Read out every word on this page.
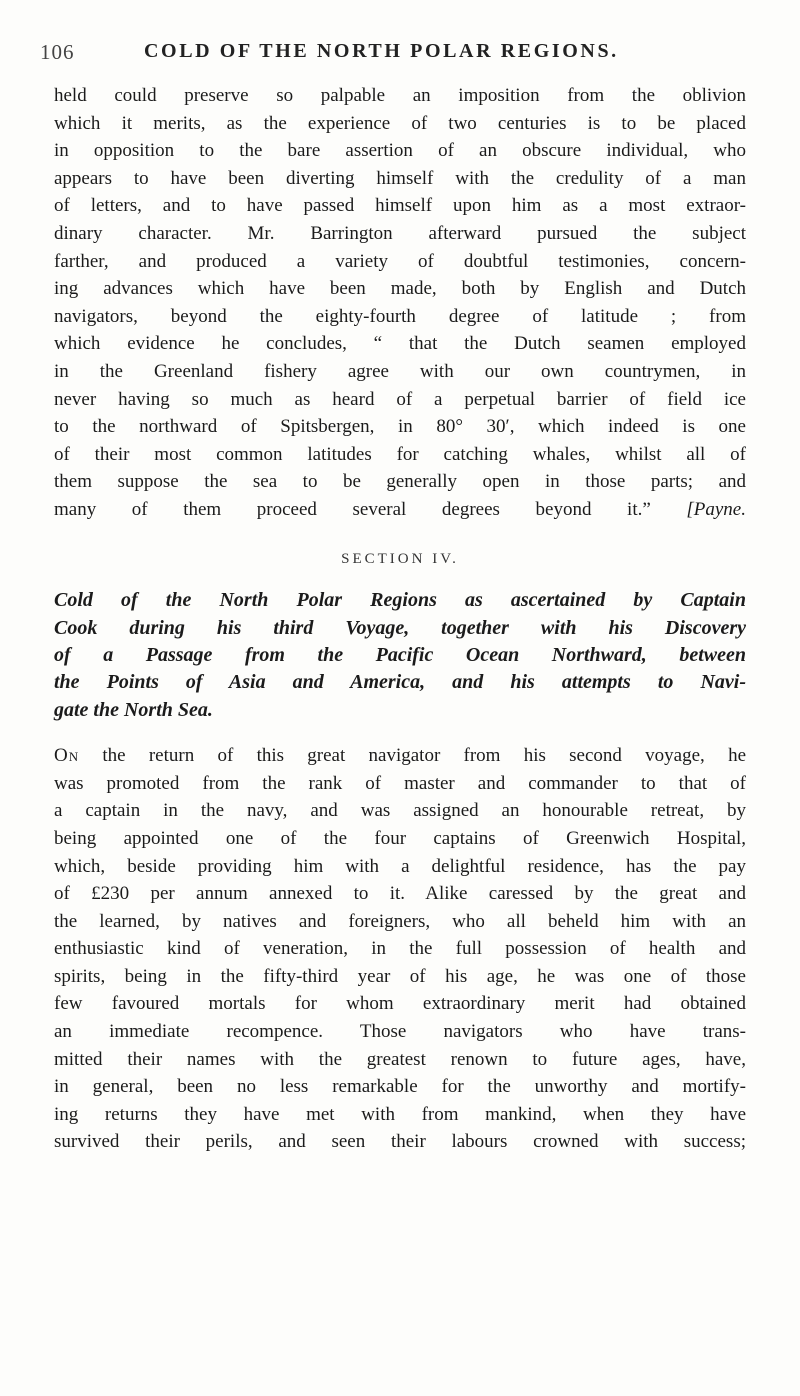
106	COLD OF THE NORTH POLAR REGIONS.

held could preserve so palpable an imposition from the oblivion

which it merits, as the experience of two centuries is to be placed

in opposition to the bare assertion of an obscure individual, who

appears to have been diverting himself with the credulity of a man

of letters, and to have passed himself upon him as a most extraor-

dinary character. Mr. Barrington afterward pursued the subject

farther, and produced a variety of doubtful testimonies, concern-

ing advances which have been made, both by English and Dutch

navigators, beyond the eighty-fourth degree of latitude ; from

which evidence he concludes, “ that the Dutch seamen employed

in the Greenland fishery agree with our own countrymen, in

never having so much as heard of a perpetual barrier of field ice

to the northward of Spitsbergen, in 80° 30′, which indeed is one

of their most common latitudes for catching whales, whilst all of

them suppose the sea to be generally open in those parts; and

many of them proceed several degrees beyond it.” [Payne.

SECTION IV.

Cold of the North Polar Regions as ascertained by Captain

Cook during his third Voyage, together with his Discovery

of a Passage from the Pacific Ocean Northward, between

the Points of Asia and America, and his attempts to Navi-

gate the North Sea.

On the return of this great navigator from his second voyage, he

was promoted from the rank of master and commander to that of

a captain in the navy, and was assigned an honourable retreat, by

being appointed one of the four captains of Greenwich Hospital,

which, beside providing him with a delightful residence, has the pay

of £230 per annum annexed to it. Alike caressed by the great and

the learned, by natives and foreigners, who all beheld him with an

enthusiastic kind of veneration, in the full possession of health and

spirits, being in the fifty-third year of his age, he was one of those

few favoured mortals for whom extraordinary merit had obtained

an immediate recompence. Those navigators who have trans-

mitted their names with the greatest renown to future ages, have,

in general, been no less remarkable for the unworthy and mortify-

ing returns they have met with from mankind, when they have

survived their perils, and seen their labours crowned with success;
